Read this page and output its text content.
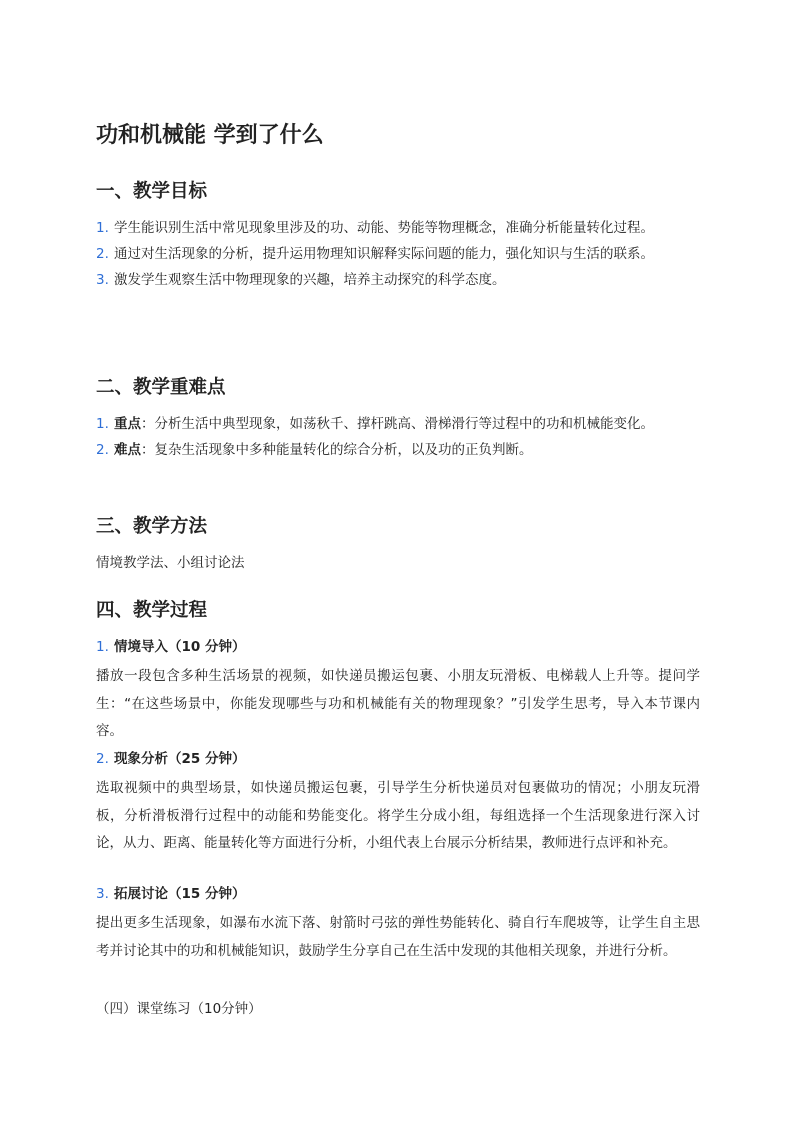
功和机械能 学到了什么
一、教学目标
1. 学生能识别生活中常见现象里涉及的功、动能、势能等物理概念，准确分析能量转化过程。
2. 通过对生活现象的分析，提升运用物理知识解释实际问题的能力，强化知识与生活的联系。
3. 激发学生观察生活中物理现象的兴趣，培养主动探究的科学态度。
二、教学重难点
1. 重点：分析生活中典型现象，如荡秋千、撑杆跳高、滑梯滑行等过程中的功和机械能变化。
2. 难点：复杂生活现象中多种能量转化的综合分析，以及功的正负判断。
三、教学方法

情境教学法、小组讨论法

四、教学过程
1. 情境导入（10 分钟）

播放一段包含多种生活场景的视频，如快递员搬运包裹、小朋友玩滑板、电梯载人上升等。提问学生：“在这些场景中，你能发现哪些与功和机械能有关的物理现象？”引发学生思考，导入本节课内容。

2. 现象分析（25 分钟）

选取视频中的典型场景，如快递员搬运包裹，引导学生分析快递员对包裹做功的情况；小朋友玩滑板，分析滑板滑行过程中的动能和势能变化。将学生分成小组，每组选择一个生活现象进行深入讨论，从力、距离、能量转化等方面进行分析，小组代表上台展示分析结果，教师进行点评和补充。

3. 拓展讨论（15 分钟）

提出更多生活现象，如瀑布水流下落、射箭时弓弦的弹性势能转化、骑自行车爬坡等，让学生自主思考并讨论其中的功和机械能知识，鼓励学生分享自己在生活中发现的其他相关现象，并进行分析。

（四）课堂练习（10分钟）
